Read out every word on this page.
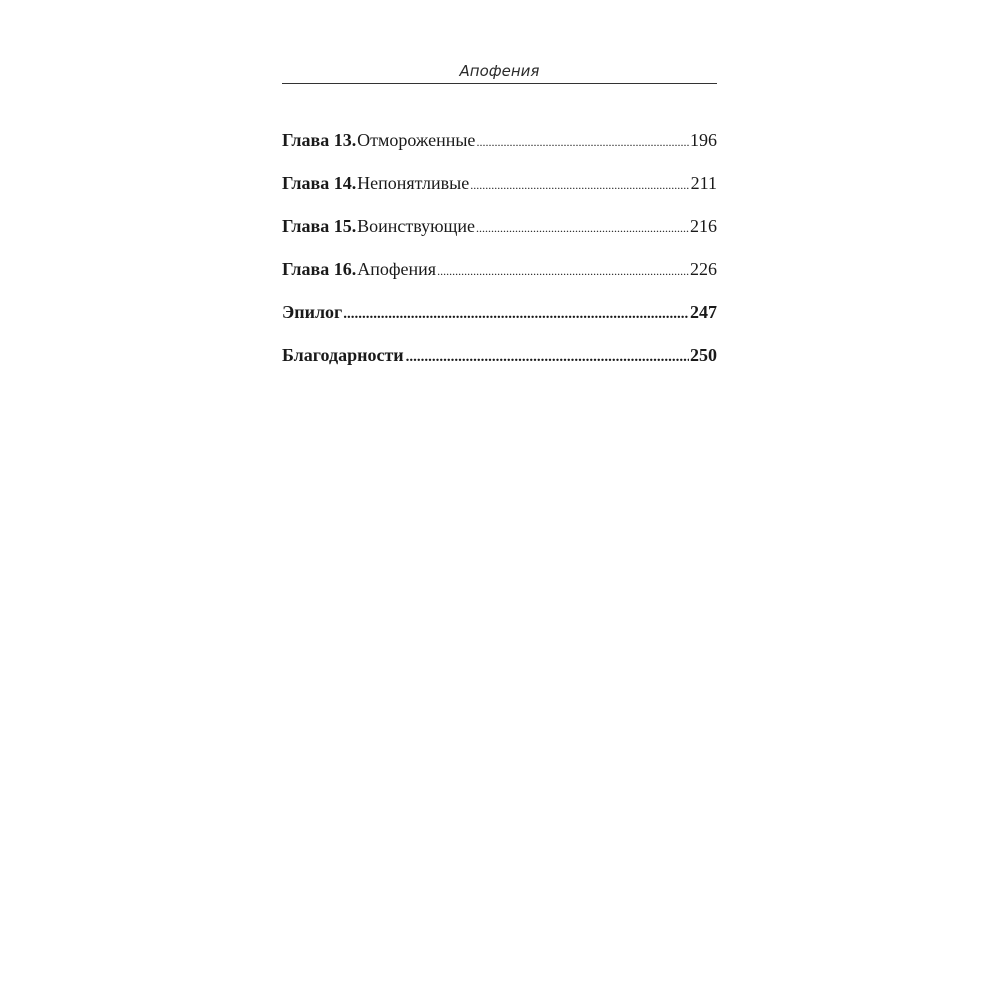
Апофения
Глава 13. Отмороженные .....	196
Глава 14. Непонятливые .....	211
Глава 15. Воинствующие .....	216
Глава 16. Апофения .....	226
Эпилог .....	247
Благодарности .....	250
